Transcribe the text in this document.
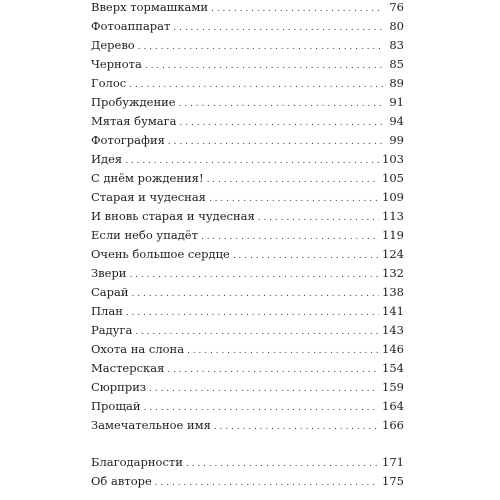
Вверх тормашками . . .	76
Фотоаппарат . . .	80
Дерево . . .	83
Чернота . . .	85
Голос . . .	89
Пробуждение . . .	91
Мятая бумага . . .	94
Фотография . . .	99
Идея . . .	103
С днём рождения! . . .	105
Старая и чудесная . . .	109
И вновь старая и чудесная . . .	113
Если небо упадёт . . .	119
Очень большое сердце . . .	124
Звери . . .	132
Сарай . . .	138
План . . .	141
Радуга . . .	143
Охота на слона . . .	146
Мастерская . . .	154
Сюрприз . . .	159
Прощай . . .	164
Замечательное имя . . .	166
Благодарности . . .	171
Об авторе . . .	175
